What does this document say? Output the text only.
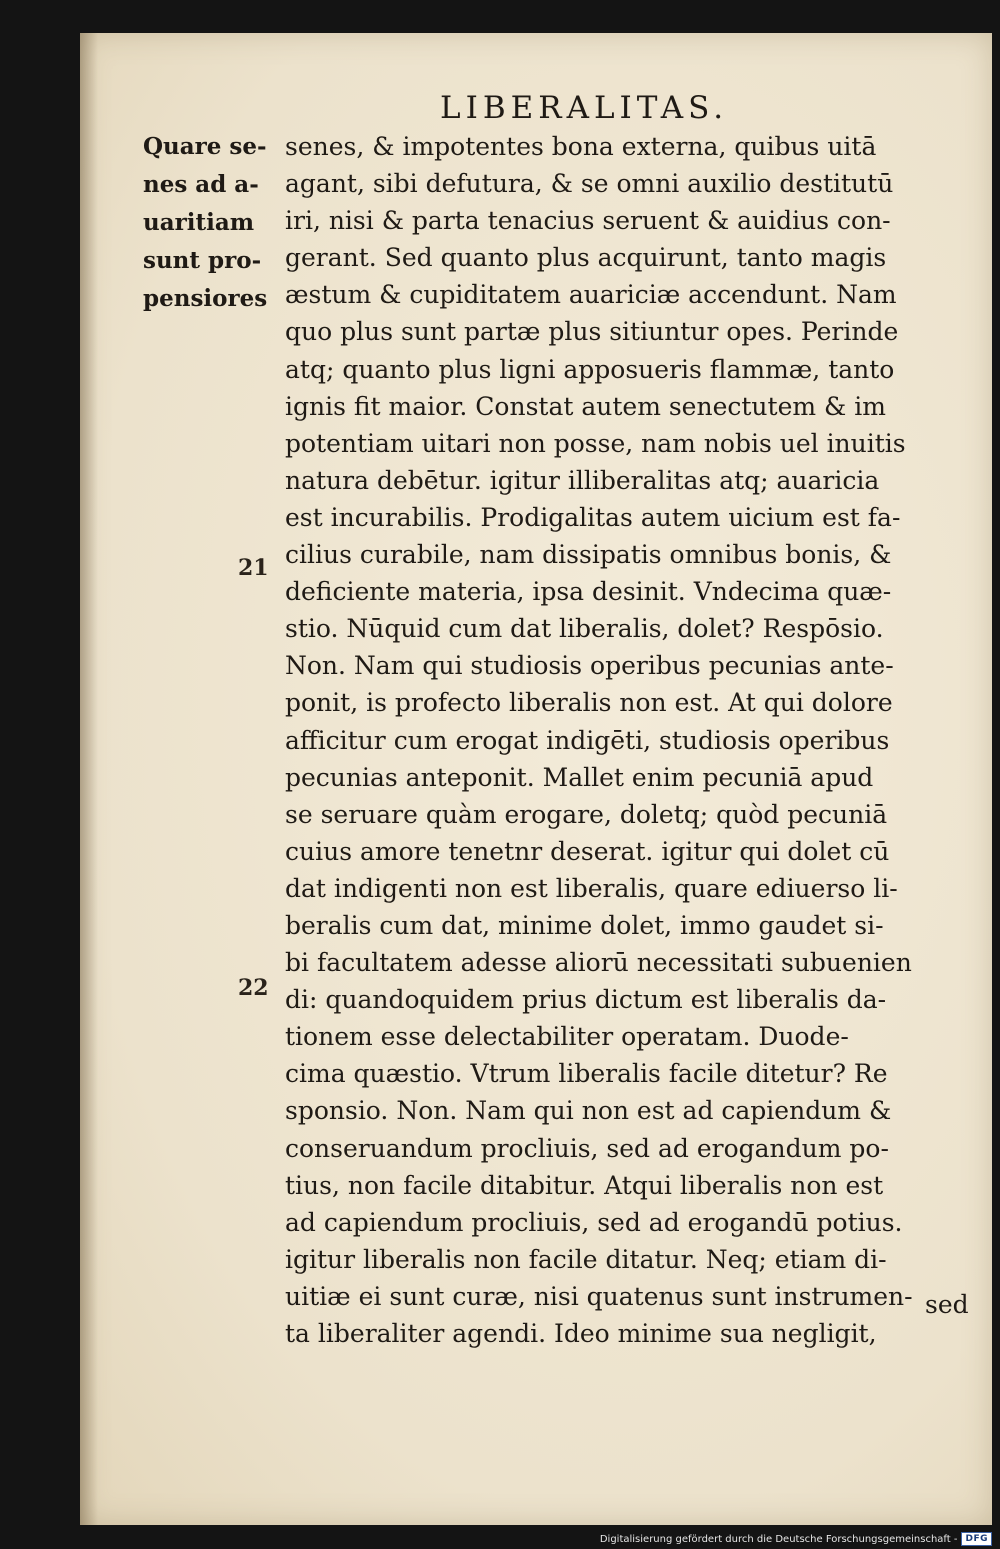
LIBERALITAS.
Quare se-
nes ad a-
uaritiam
sunt pro-
pensiores
21
22
senes, & impotentes bona externa, quibus uitā
agant, sibi defutura, & se omni auxilio destitutū
iri, nisi & parta tenacius seruent & auidius con-
gerant. Sed quanto plus acquirunt, tanto magis
æstum & cupiditatem auariciæ accendunt. Nam
quo plus sunt partæ plus sitiuntur opes. Perinde
atq; quanto plus ligni apposueris flammæ, tanto
ignis fit maior. Constat autem senectutem & im
potentiam uitari non posse, nam nobis uel inuitis
natura debētur. igitur illiberalitas atq; auaricia
est incurabilis. Prodigalitas autem uicium est fa-
cilius curabile, nam dissipatis omnibus bonis, &
deficiente materia, ipsa desinit. Vndecima quæ-
stio. Nūquid cum dat liberalis, dolet? Respōsio.
Non. Nam qui studiosis operibus pecunias ante-
ponit, is profecto liberalis non est. At qui dolore
afficitur cum erogat indigēti, studiosis operibus
pecunias anteponit. Mallet enim pecuniā apud
se seruare quàm erogare, doletq; quòd pecuniā
cuius amore tenetnr deserat. igitur qui dolet cū
dat indigenti non est liberalis, quare ediuerso li-
beralis cum dat, minime dolet, immo gaudet si-
bi facultatem adesse aliorū necessitati subuenien
di: quandoquidem prius dictum est liberalis da-
tionem esse delectabiliter operatam. Duode-
cima quæstio. Vtrum liberalis facile ditetur? Re
sponsio. Non. Nam qui non est ad capiendum &
conseruandum procliuis, sed ad erogandum po-
tius, non facile ditabitur. Atqui liberalis non est
ad capiendum procliuis, sed ad erogandū potius.
igitur liberalis non facile ditatur. Neq; etiam di-
uitiæ ei sunt curæ, nisi quatenus sunt instrumen-
ta liberaliter agendi. Ideo minime sua negligit,
sed
Digitalisierung gefördert durch die Deutsche Forschungsgemeinschaft - DFG
